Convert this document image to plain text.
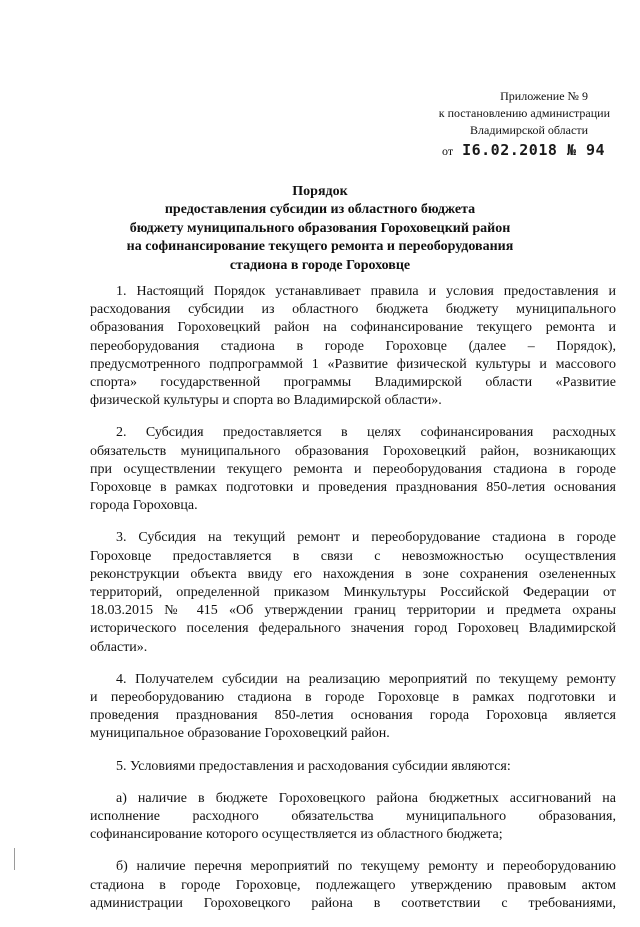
Приложение № 9
к постановлению администрации
Владимирской области
от I6.02.2018 № 94
Порядок
предоставления субсидии из областного бюджета
бюджету муниципального образования Гороховецкий район
на софинансирование текущего ремонта и переоборудования
стадиона в городе Гороховце
1. Настоящий Порядок устанавливает правила и условия предоставления и
расходования субсидии из областного бюджета бюджету муниципального
образования Гороховецкий район на софинансирование текущего ремонта и
переоборудования стадиона в городе Гороховце (далее – Порядок),
предусмотренного подпрограммой 1 «Развитие физической культуры и массового
спорта» государственной программы Владимирской области «Развитие
физической культуры и спорта во Владимирской области».
2. Субсидия предоставляется в целях софинансирования расходных
обязательств муниципального образования Гороховецкий район, возникающих
при осуществлении текущего ремонта и переоборудования стадиона в городе
Гороховце в рамках подготовки и проведения празднования 850-летия основания
города Гороховца.
3. Субсидия на текущий ремонт и переоборудование стадиона в городе
Гороховце предоставляется в связи с невозможностью осуществления
реконструкции объекта ввиду его нахождения в зоне сохранения озелененных
территорий, определенной приказом Минкультуры Российской Федерации от
18.03.2015 № 415 «Об утверждении границ территории и предмета охраны
исторического поселения федерального значения город Гороховец Владимирской
области».
4. Получателем субсидии на реализацию мероприятий по текущему ремонту
и переоборудованию стадиона в городе Гороховце в рамках подготовки и
проведения празднования 850-летия основания города Гороховца является
муниципальное образование Гороховецкий район.
5. Условиями предоставления и расходования субсидии являются:
а) наличие в бюджете Гороховецкого района бюджетных ассигнований на
исполнение расходного обязательства муниципального образования,
софинансирование которого осуществляется из областного бюджета;
б) наличие перечня мероприятий по текущему ремонту и переоборудованию
стадиона в городе Гороховце, подлежащего утверждению правовым актом
администрации Гороховецкого района в соответствии с требованиями,
